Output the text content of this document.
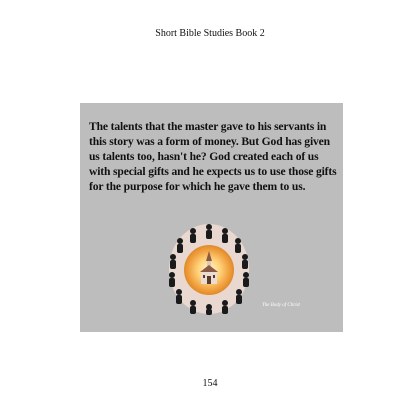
Short Bible Studies Book 2
The talents that the master gave to his servants in this story was a form of money. But God has given us talents too, hasn't he? God created each of us with special gifts and he expects us to use those gifts for the purpose for which he gave them to us.
The Body of Christ
154
